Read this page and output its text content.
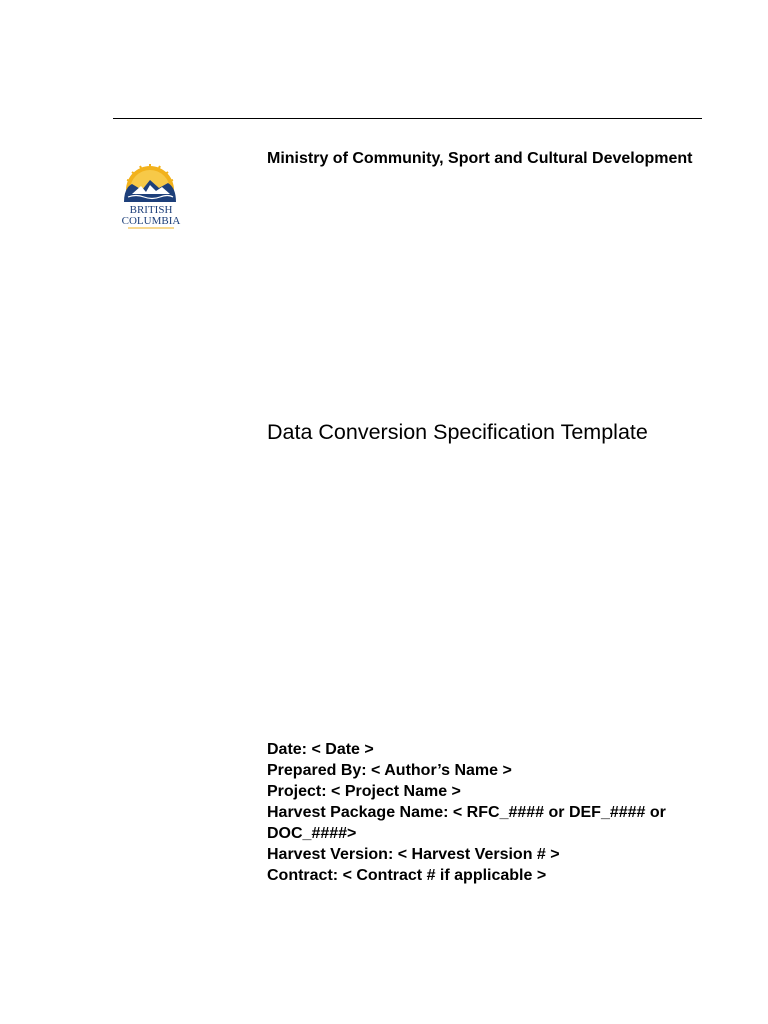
BRITISH
COLUMBIA
Ministry of Community, Sport and Cultural Development
Data Conversion Specification Template
Date: < Date >
Prepared By: < Author’s Name >
Project: < Project Name >
Harvest Package Name: < RFC_#### or DEF_#### or DOC_####>
Harvest Version: < Harvest Version # >
Contract: < Contract # if applicable >
